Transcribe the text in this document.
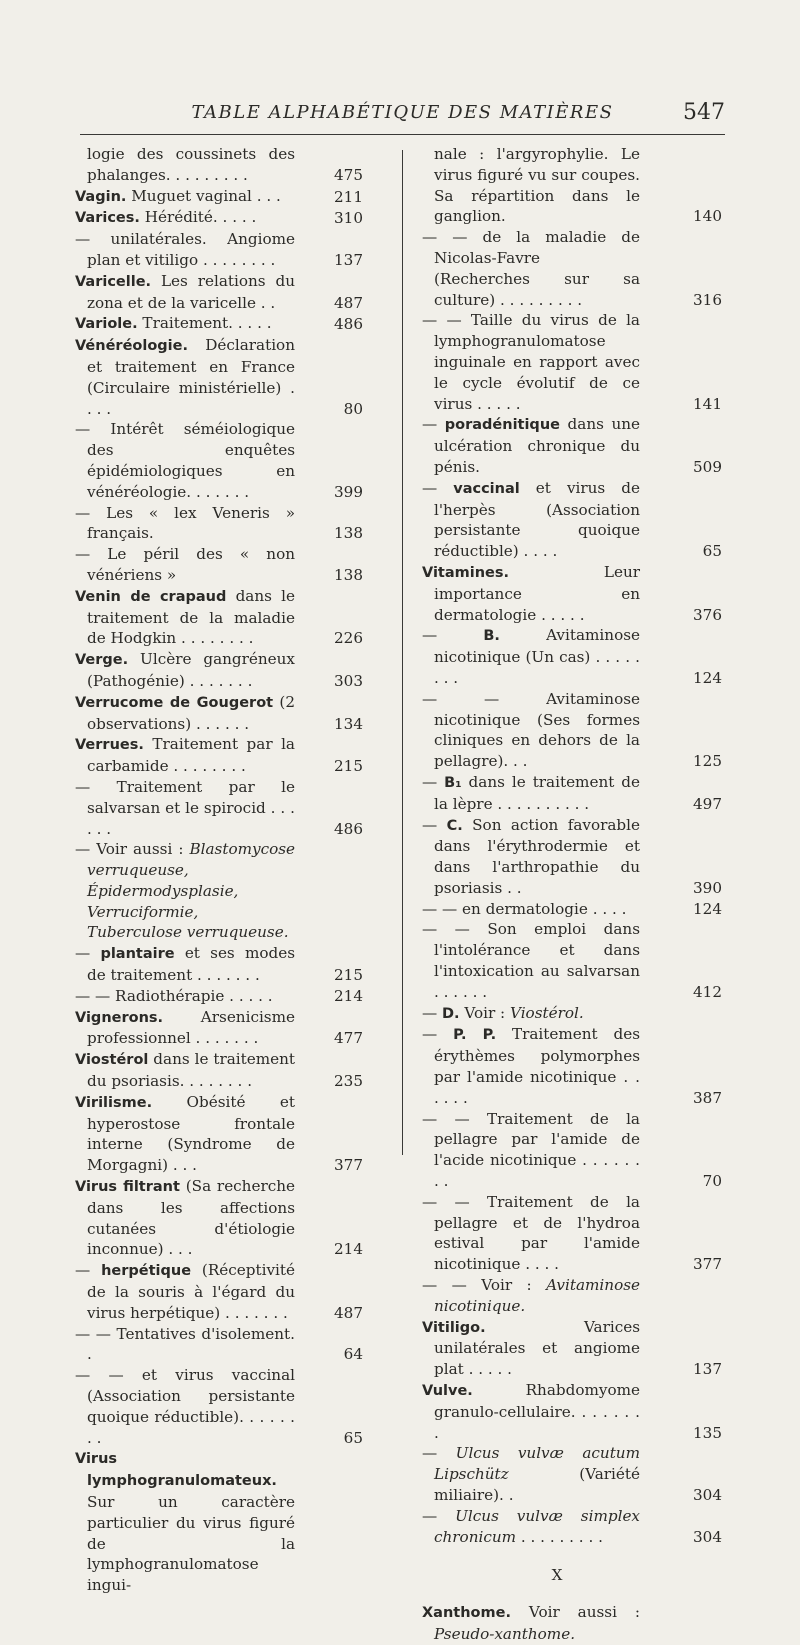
TABLE ALPHABÉTIQUE DES MATIÈRES	547
logie des coussinets des phalanges. . . . . . . . .	475
Vagin. Muguet vaginal . . .	211
Varices. Hérédité. . . . .	310
— unilatérales. Angiome plan et vitiligo . . . . . . . .	137
Varicelle. Les relations du zona et de la varicelle . .	487
Variole. Traitement. . . . .	486
Vénéréologie. Déclaration et traitement en France (Circulaire ministérielle) . . . .	80
— Intérêt séméiologique des enquêtes épidémiologiques en vénéréologie. . . . . . .	399
— Les « lex Veneris » français.	138
— Le péril des « non vénériens »	138
Venin de crapaud dans le traitement de la maladie de Hodgkin . . . . . . . .	226
Verge. Ulcère gangréneux (Pathogénie) . . . . . . .	303
Verrucome de Gougerot (2 observations) . . . . . .	134
Verrues. Traitement par la carbamide . . . . . . . .	215
— Traitement par le salvarsan et le spirocid . . . . . .	486
— Voir aussi : Blastomycose verruqueuse, Épidermodysplasie, Verruciformie, Tuberculose verruqueuse.
— plantaire et ses modes de traitement . . . . . . .	215
— — Radiothérapie . . . . .	214
Vignerons. Arsenicisme professionnel . . . . . . .	477
Viostérol dans le traitement du psoriasis. . . . . . . .	235
Virilisme. Obésité et hyperostose frontale interne (Syndrome de Morgagni) . . .	377
Virus filtrant (Sa recherche dans les affections cutanées d'étiologie inconnue) . . .	214
— herpétique (Réceptivité de la souris à l'égard du virus herpétique) . . . . . . .	487
— — Tentatives d'isolement. .	64
— — et virus vaccinal (Association persistante quoique réductible). . . . . . . .	65
Virus lymphogranulomateux. Sur un caractère particulier du virus figuré de la lymphogranulomatose ingui-
nale : l'argyrophylie. Le virus figuré vu sur coupes. Sa répartition dans le ganglion.	140
— — de la maladie de Nicolas-Favre (Recherches sur sa culture) . . . . . . . . .	316
— — Taille du virus de la lymphogranulomatose inguinale en rapport avec le cycle évolutif de ce virus . . . . .	141
— poradénitique dans une ulcération chronique du pénis.	509
— vaccinal et virus de l'herpès (Association persistante quoique réductible) . . . .	65
Vitamines. Leur importance en dermatologie . . . . .	376
— B. Avitaminose nicotinique (Un cas) . . . . . . . .	124
— — Avitaminose nicotinique (Ses formes cliniques en dehors de la pellagre). . .	125
— B₁ dans le traitement de la lèpre . . . . . . . . . .	497
— C. Son action favorable dans l'érythrodermie et dans l'arthropathie du psoriasis . .	390
— — en dermatologie . . . .	124
— — Son emploi dans l'intolérance et dans l'intoxication au salvarsan . . . . . .	412
— D. Voir : Viostérol.
— P. P. Traitement des érythèmes polymorphes par l'amide nicotinique . . . . . .	387
— — Traitement de la pellagre par l'amide de l'acide nicotinique . . . . . . . .	70
— — Traitement de la pellagre et de l'hydroa estival par l'amide nicotinique . . . .	377
— — Voir : Avitaminose nicotinique.
Vitiligo. Varices unilatérales et angiome plat . . . . .	137
Vulve. Rhabdomyome granulo-cellulaire. . . . . . . .	135
— Ulcus vulvæ acutum Lipschütz (Variété miliaire). .	304
— Ulcus vulvæ simplex chronicum . . . . . . . . .	304
X
Xanthome. Voir aussi : Pseudo-xanthome.
